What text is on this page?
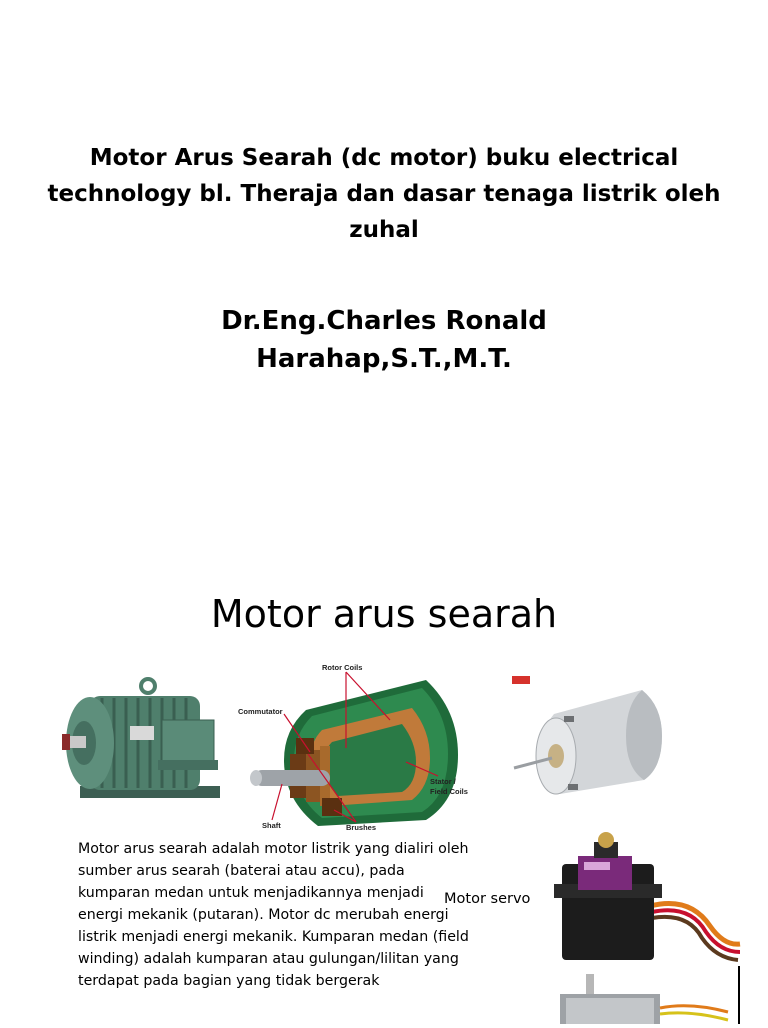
Motor Arus Searah (dc motor) buku electrical technology bl. Theraja dan dasar tenaga listrik oleh zuhal
Dr.Eng.Charles Ronald
Harahap,S.T.,M.T.
Motor arus searah
Rotor Coils
Commutator
Stator /
Field Coils
Shaft	Brushes
Motor arus searah adalah motor listrik yang dialiri oleh sumber arus searah (baterai atau accu), pada kumparan medan untuk menjadikannya menjadi energi mekanik (putaran). Motor dc merubah energi listrik menjadi energi mekanik. Kumparan medan (field winding) adalah kumparan atau gulungan/lilitan yang terdapat pada bagian yang tidak bergerak
Motor servo
